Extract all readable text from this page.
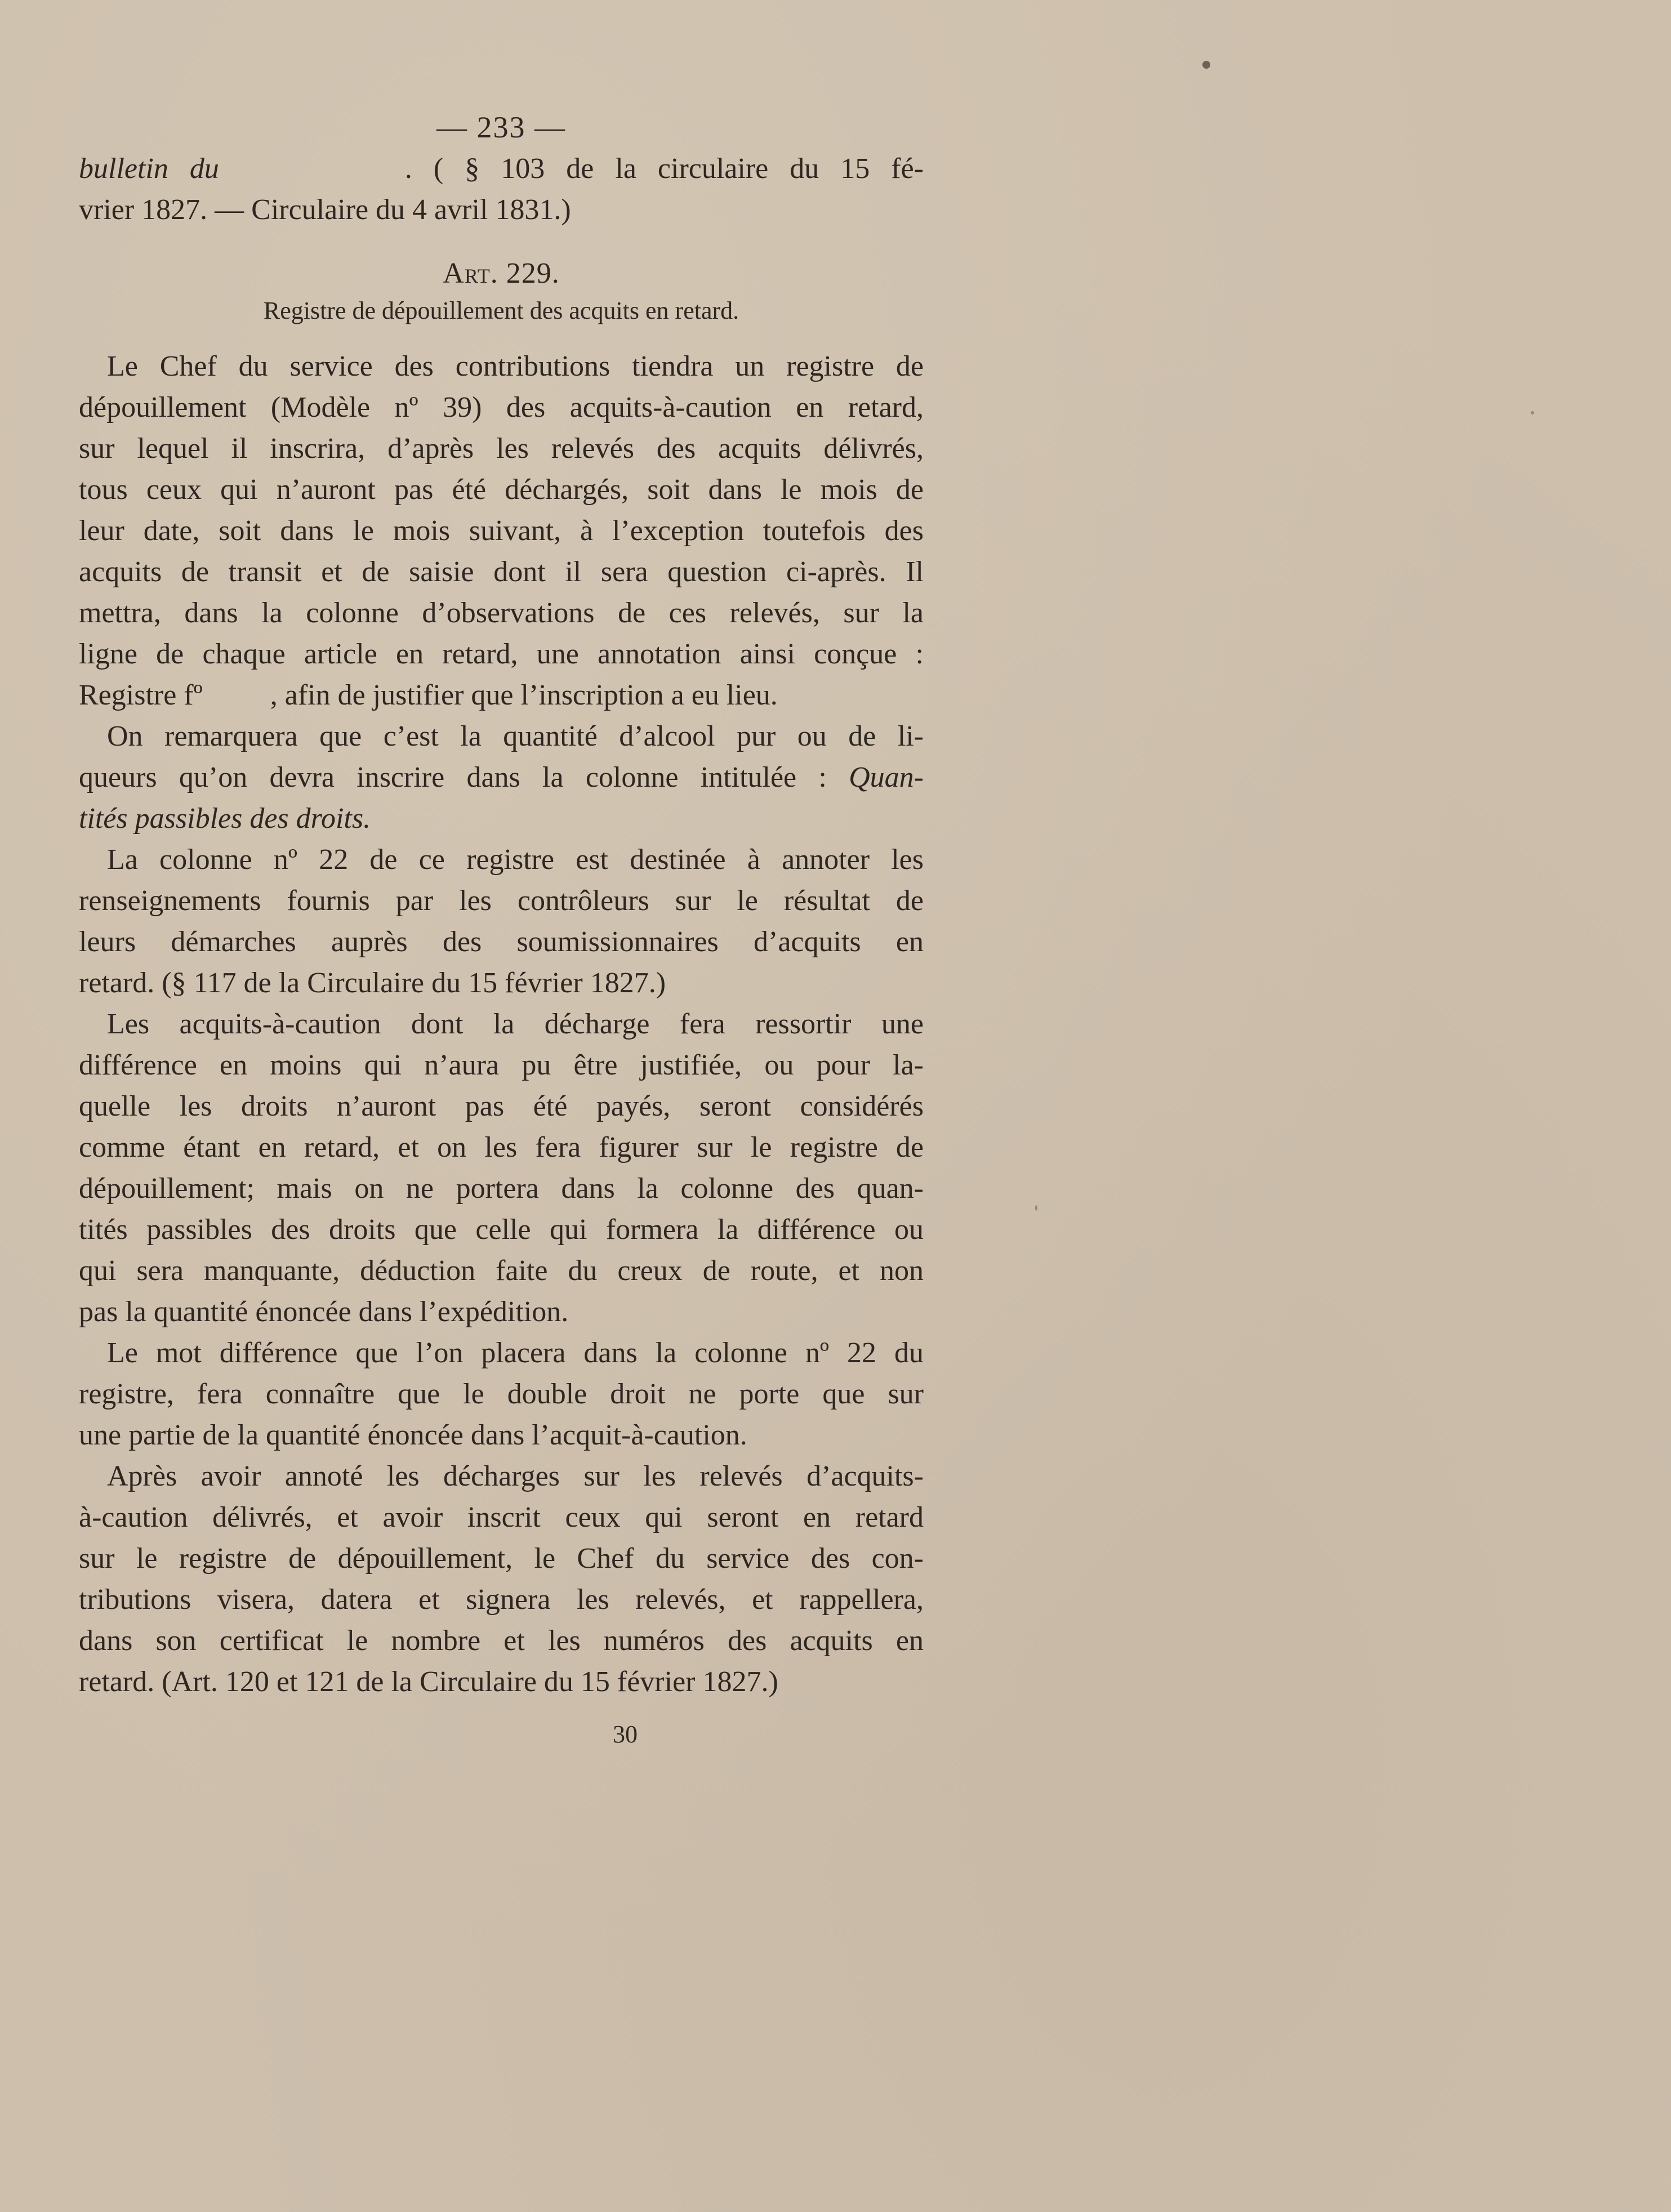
— 233 —
bulletin du	. ( § 103 de la circulaire du 15 fé-
vrier 1827. — Circulaire du 4 avril 1831.)
Art. 229.
Registre de dépouillement des acquits en retard.
Le Chef du service des contributions tiendra un registre de
dépouillement (Modèle nº 39) des acquits-à-caution en retard,
sur lequel il inscrira, d’après les relevés des acquits délivrés,
tous ceux qui n’auront pas été déchargés, soit dans le mois de
leur date, soit dans le mois suivant, à l’exception toutefois des
acquits de transit et de saisie dont il sera question ci-après. Il
mettra, dans la colonne d’observations de ces relevés, sur la
ligne de chaque article en retard, une annotation ainsi conçue :
Registre fº , afin de justifier que l’inscription a eu lieu.
On remarquera que c’est la quantité d’alcool pur ou de li-
queurs qu’on devra inscrire dans la colonne intitulée : Quan-
tités passibles des droits.
La colonne nº 22 de ce registre est destinée à annoter les
renseignements fournis par les contrôleurs sur le résultat de
leurs démarches auprès des soumissionnaires d’acquits en
retard. (§ 117 de la Circulaire du 15 février 1827.)
Les acquits-à-caution dont la décharge fera ressortir une
différence en moins qui n’aura pu être justifiée, ou pour la-
quelle les droits n’auront pas été payés, seront considérés
comme étant en retard, et on les fera figurer sur le registre de
dépouillement; mais on ne portera dans la colonne des quan-
tités passibles des droits que celle qui formera la différence ou
qui sera manquante, déduction faite du creux de route, et non
pas la quantité énoncée dans l’expédition.
Le mot différence que l’on placera dans la colonne nº 22 du
registre, fera connaître que le double droit ne porte que sur
une partie de la quantité énoncée dans l’acquit-à-caution.
Après avoir annoté les décharges sur les relevés d’acquits-
à-caution délivrés, et avoir inscrit ceux qui seront en retard
sur le registre de dépouillement, le Chef du service des con-
tributions visera, datera et signera les relevés, et rappellera,
dans son certificat le nombre et les numéros des acquits en
retard. (Art. 120 et 121 de la Circulaire du 15 février 1827.)
30
